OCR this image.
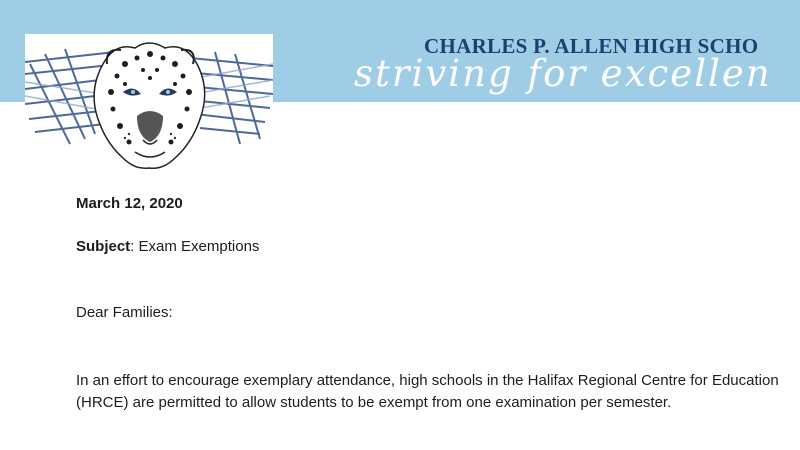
CHARLES P. ALLEN HIGH SCHO
striving for excellen
March 12, 2020
Subject: Exam Exemptions
Dear Families:
In an effort to encourage exemplary attendance, high schools in the Halifax Regional Centre for Education (HRCE) are permitted to allow students to be exempt from one examination per semester.
